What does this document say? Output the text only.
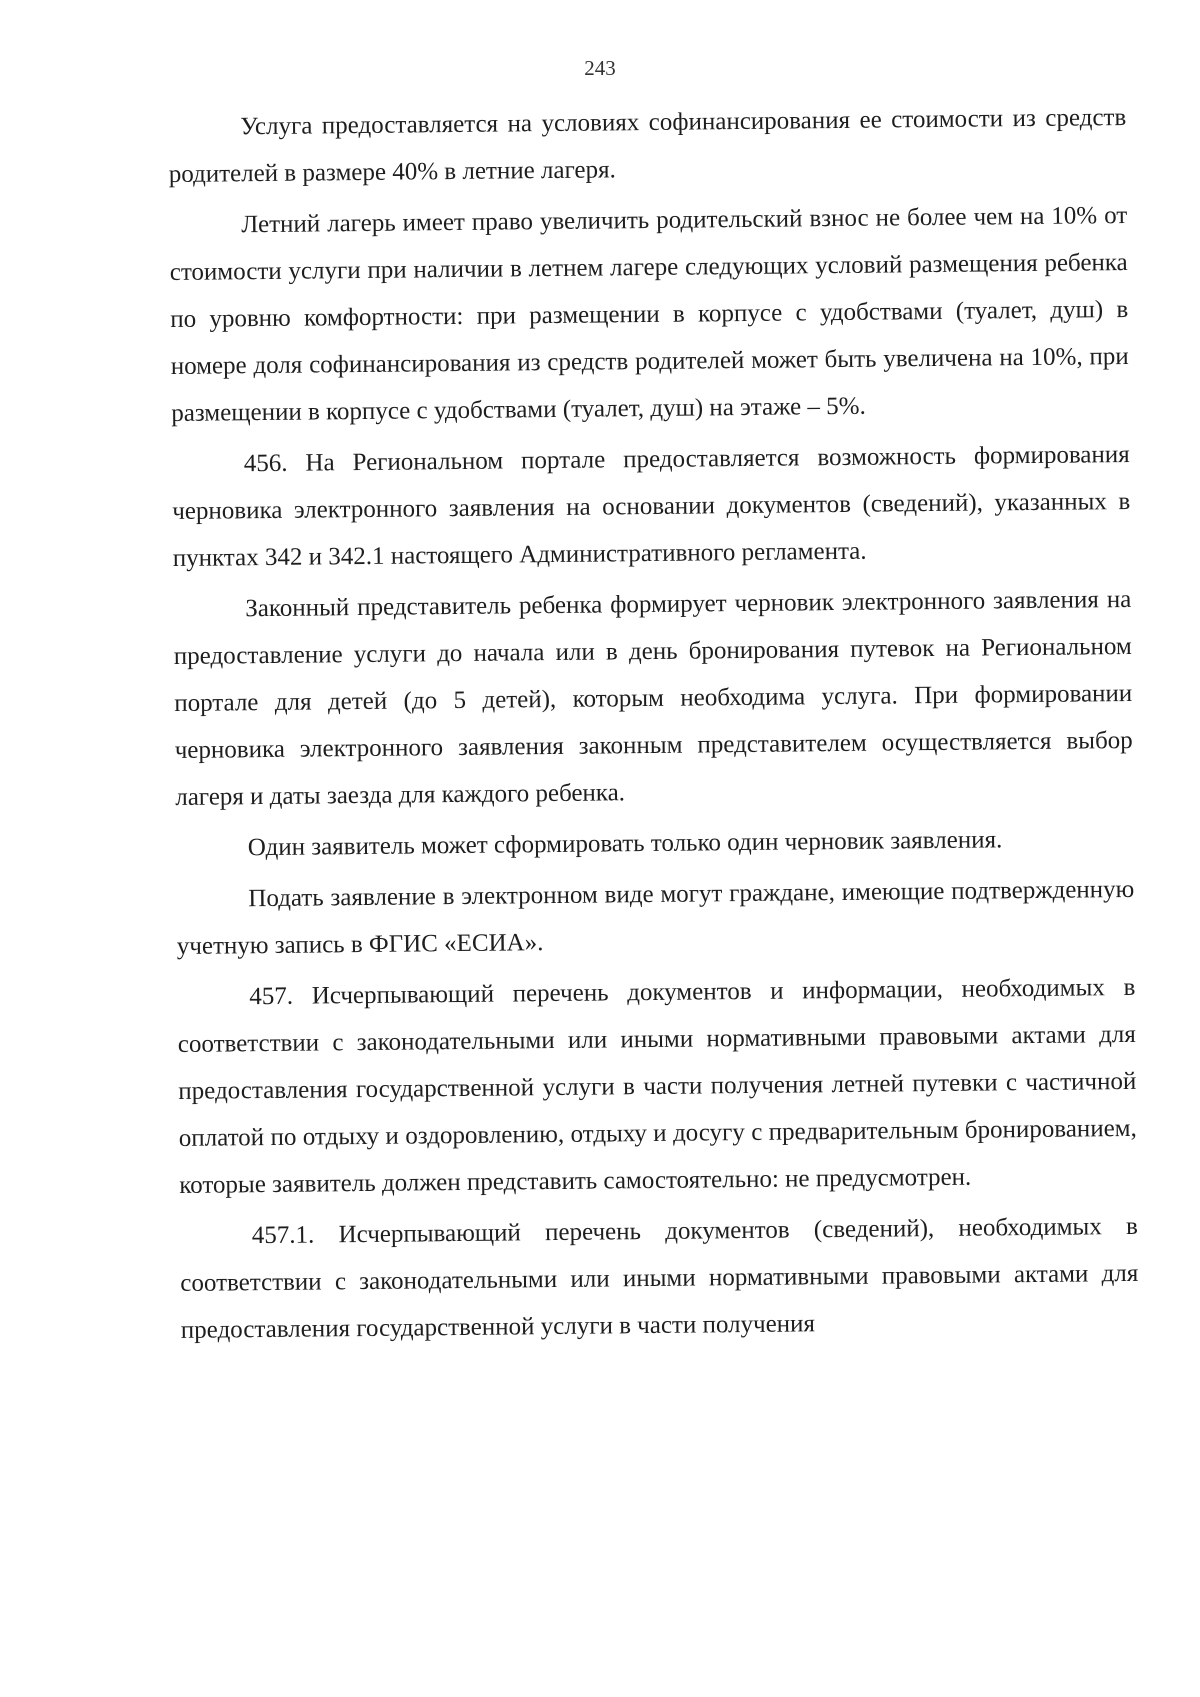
243

Услуга предоставляется на условиях софинансирования ее стоимости из средств родителей в размере 40% в летние лагеря.

Летний лагерь имеет право увеличить родительский взнос не более чем на 10% от стоимости услуги при наличии в летнем лагере следующих условий размещения ребенка по уровню комфортности: при размещении в корпусе с удобствами (туалет, душ) в номере доля софинансирования из средств родителей может быть увеличена на 10%, при размещении в корпусе с удобствами (туалет, душ) на этаже – 5%.

456. На Региональном портале предоставляется возможность формирования черновика электронного заявления на основании документов (сведений), указанных в пунктах 342 и 342.1 настоящего Административного регламента.

Законный представитель ребенка формирует черновик электронного заявления на предоставление услуги до начала или в день бронирования путевок на Региональном портале для детей (до 5 детей), которым необходима услуга. При формировании черновика электронного заявления законным представителем осуществляется выбор лагеря и даты заезда для каждого ребенка.

Один заявитель может сформировать только один черновик заявления.

Подать заявление в электронном виде могут граждане, имеющие подтвержденную учетную запись в ФГИС «ЕСИА».

457. Исчерпывающий перечень документов и информации, необходимых в соответствии с законодательными или иными нормативными правовыми актами для предоставления государственной услуги в части получения летней путевки с частичной оплатой по отдыху и оздоровлению, отдыху и досугу с предварительным бронированием, которые заявитель должен представить самостоятельно: не предусмотрен.

457.1. Исчерпывающий перечень документов (сведений), необходимых в соответствии с законодательными или иными нормативными правовыми актами для предоставления государственной услуги в части получения
